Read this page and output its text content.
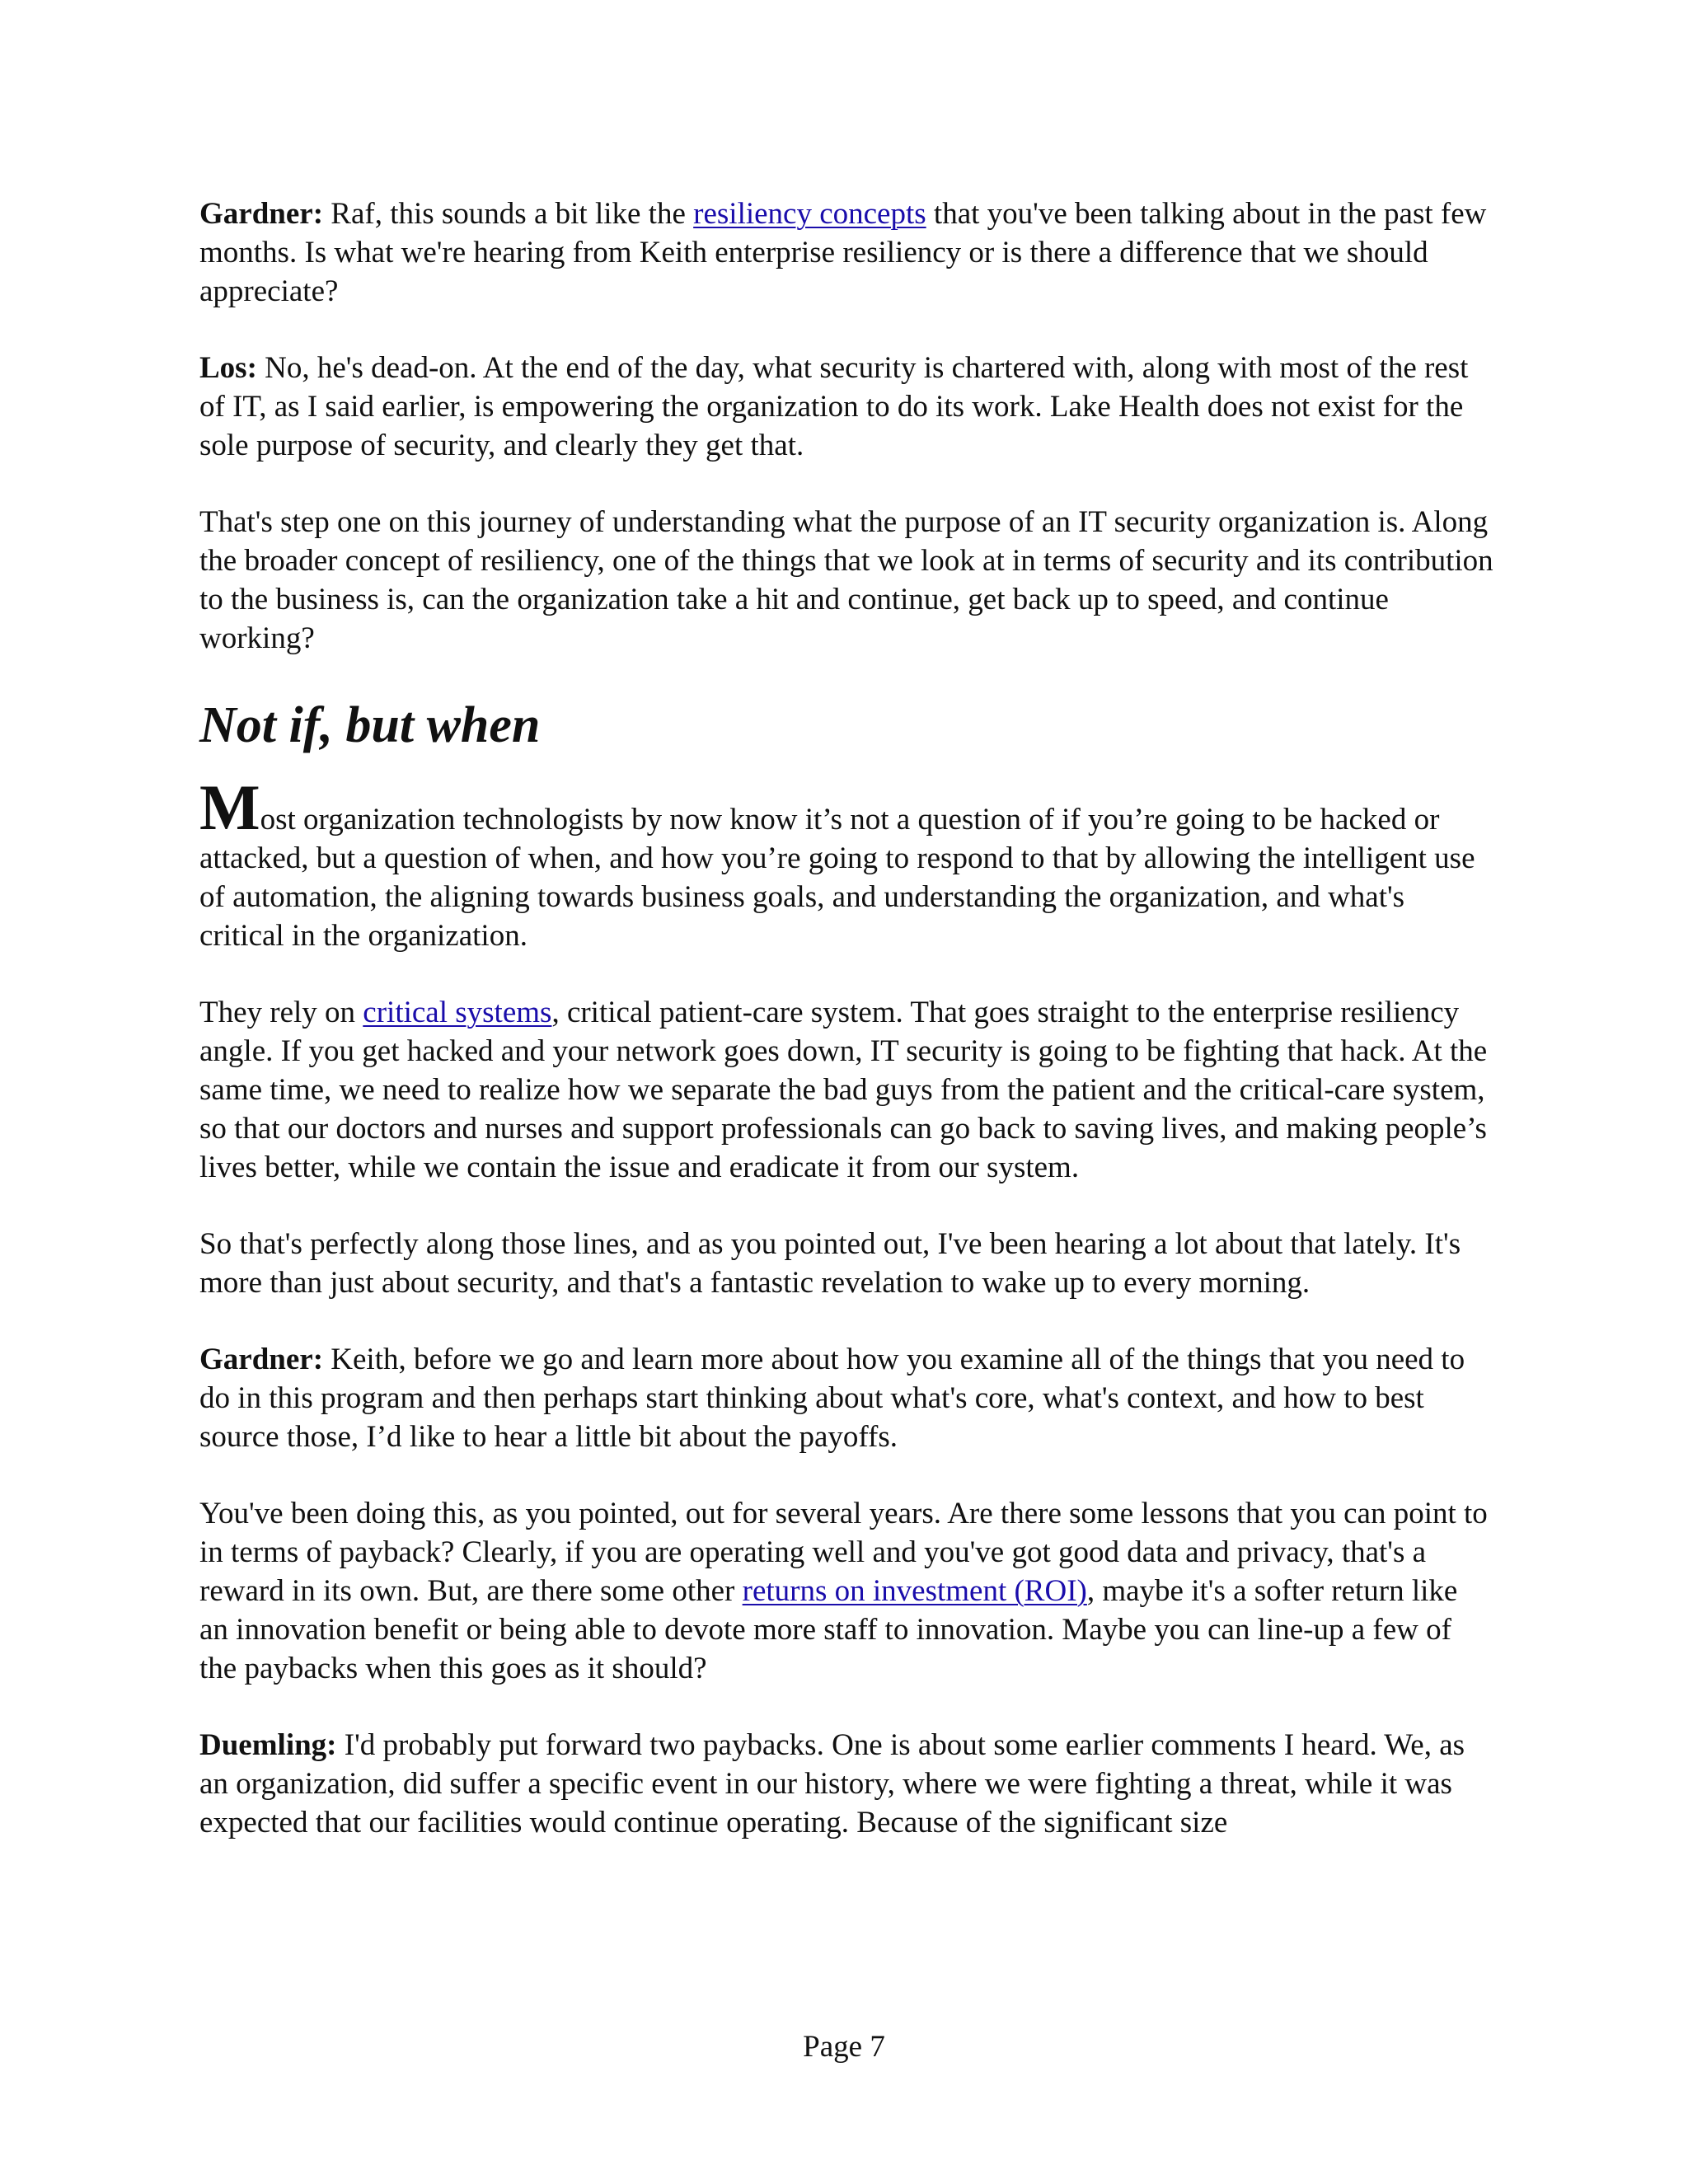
Gardner: Raf, this sounds a bit like the resiliency concepts that you've been talking about in the past few months. Is what we're hearing from Keith enterprise resiliency or is there a difference that we should appreciate?

Los: No, he's dead-on. At the end of the day, what security is chartered with, along with most of the rest of IT, as I said earlier, is empowering the organization to do its work. Lake Health does not exist for the sole purpose of security, and clearly they get that.

That's step one on this journey of understanding what the purpose of an IT security organization is. Along the broader concept of resiliency, one of the things that we look at in terms of security and its contribution to the business is, can the organization take a hit and continue, get back up to speed, and continue working?

Not if, but when

Most organization technologists by now know it’s not a question of if you’re going to be hacked or attacked, but a question of when, and how you’re going to respond to that by allowing the intelligent use of automation, the aligning towards business goals, and understanding the organization, and what's critical in the organization.

They rely on critical systems, critical patient-care system. That goes straight to the enterprise resiliency angle. If you get hacked and your network goes down, IT security is going to be fighting that hack. At the same time, we need to realize how we separate the bad guys from the patient and the critical-care system, so that our doctors and nurses and support professionals can go back to saving lives, and making people’s lives better, while we contain the issue and eradicate it from our system.

So that's perfectly along those lines, and as you pointed out, I've been hearing a lot about that lately. It's more than just about security, and that's a fantastic revelation to wake up to every morning.

Gardner: Keith, before we go and learn more about how you examine all of the things that you need to do in this program and then perhaps start thinking about what's core, what's context, and how to best source those, I’d like to hear a little bit about the payoffs.

You've been doing this, as you pointed, out for several years. Are there some lessons that you can point to in terms of payback? Clearly, if you are operating well and you've got good data and privacy, that's a reward in its own. But, are there some other returns on investment (ROI), maybe it's a softer return like an innovation benefit or being able to devote more staff to innovation. Maybe you can line-up a few of the paybacks when this goes as it should?

Duemling: I'd probably put forward two paybacks. One is about some earlier comments I heard. We, as an organization, did suffer a specific event in our history, where we were fighting a threat, while it was expected that our facilities would continue operating. Because of the significant size

Page 7
